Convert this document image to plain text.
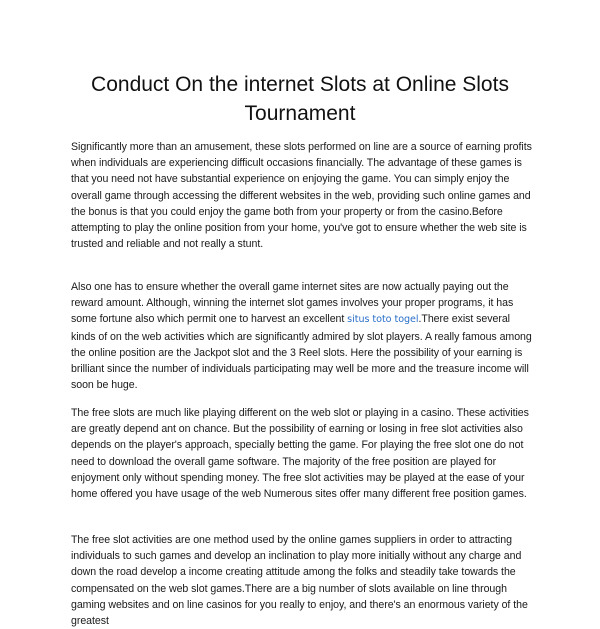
Conduct On the internet Slots at Online Slots Tournament

Significantly more than an amusement, these slots performed on line are a source of earning profits when individuals are experiencing difficult occasions financially. The advantage of these games is that you need not have substantial experience on enjoying the game. You can simply enjoy the overall game through accessing the different websites in the web, providing such online games and the bonus is that you could enjoy the game both from your property or from the casino.Before attempting to play the online position from your home, you've got to ensure whether the web site is trusted and reliable and not really a stunt.

Also one has to ensure whether the overall game internet sites are now actually paying out the reward amount. Although, winning the internet slot games involves your proper programs, it has some fortune also which permit one to harvest an excellent situs toto togel.There exist several kinds of on the web activities which are significantly admired by slot players. A really famous among the online position are the Jackpot slot and the 3 Reel slots. Here the possibility of your earning is brilliant since the number of individuals participating may well be more and the treasure income will soon be huge.

The free slots are much like playing different on the web slot or playing in a casino. These activities are greatly depend ant on chance. But the possibility of earning or losing in free slot activities also depends on the player's approach, specially betting the game. For playing the free slot one do not need to download the overall game software. The majority of the free position are played for enjoyment only without spending money. The free slot activities may be played at the ease of your home offered you have usage of the web Numerous sites offer many different free position games.

The free slot activities are one method used by the online games suppliers in order to attracting individuals to such games and develop an inclination to play more initially without any charge and down the road develop a income creating attitude among the folks and steadily take towards the compensated on the web slot games.There are a big number of slots available on line through gaming websites and on line casinos for you really to enjoy, and there's an enormous variety of the greatest
